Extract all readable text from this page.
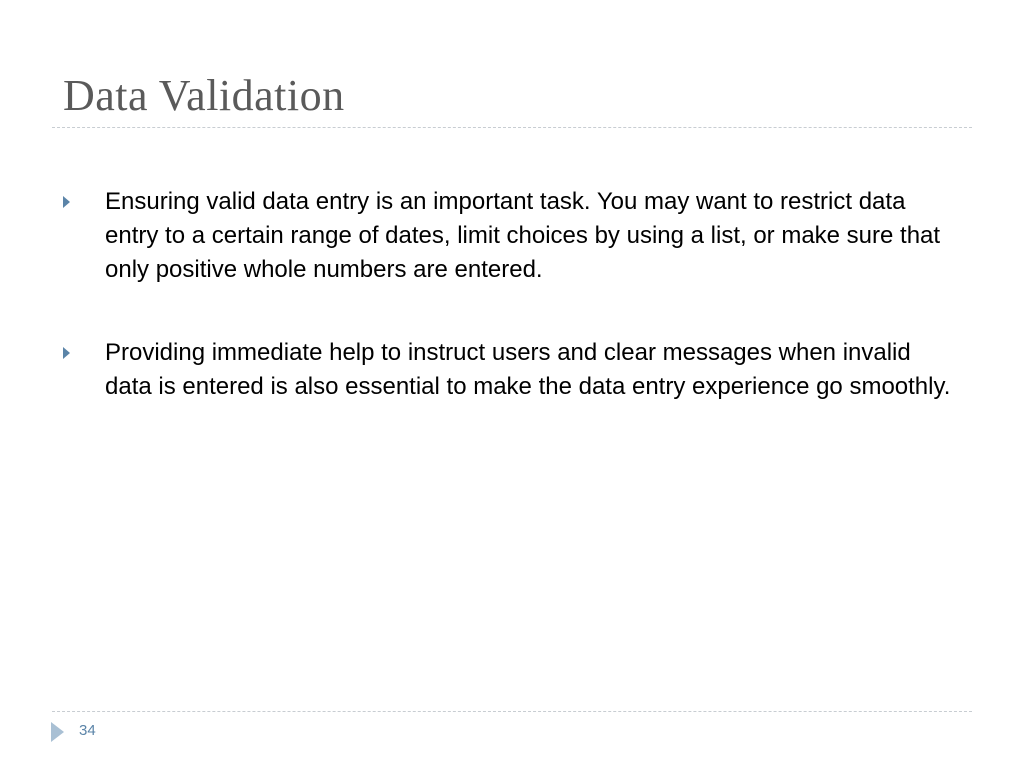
Data Validation
Ensuring valid data entry is an important task. You may want to restrict data entry to a certain range of dates, limit choices by using a list, or make sure that only positive whole numbers are entered.
Providing immediate help to instruct users and clear messages when invalid data is entered is also essential to make the data entry experience go smoothly.
34
